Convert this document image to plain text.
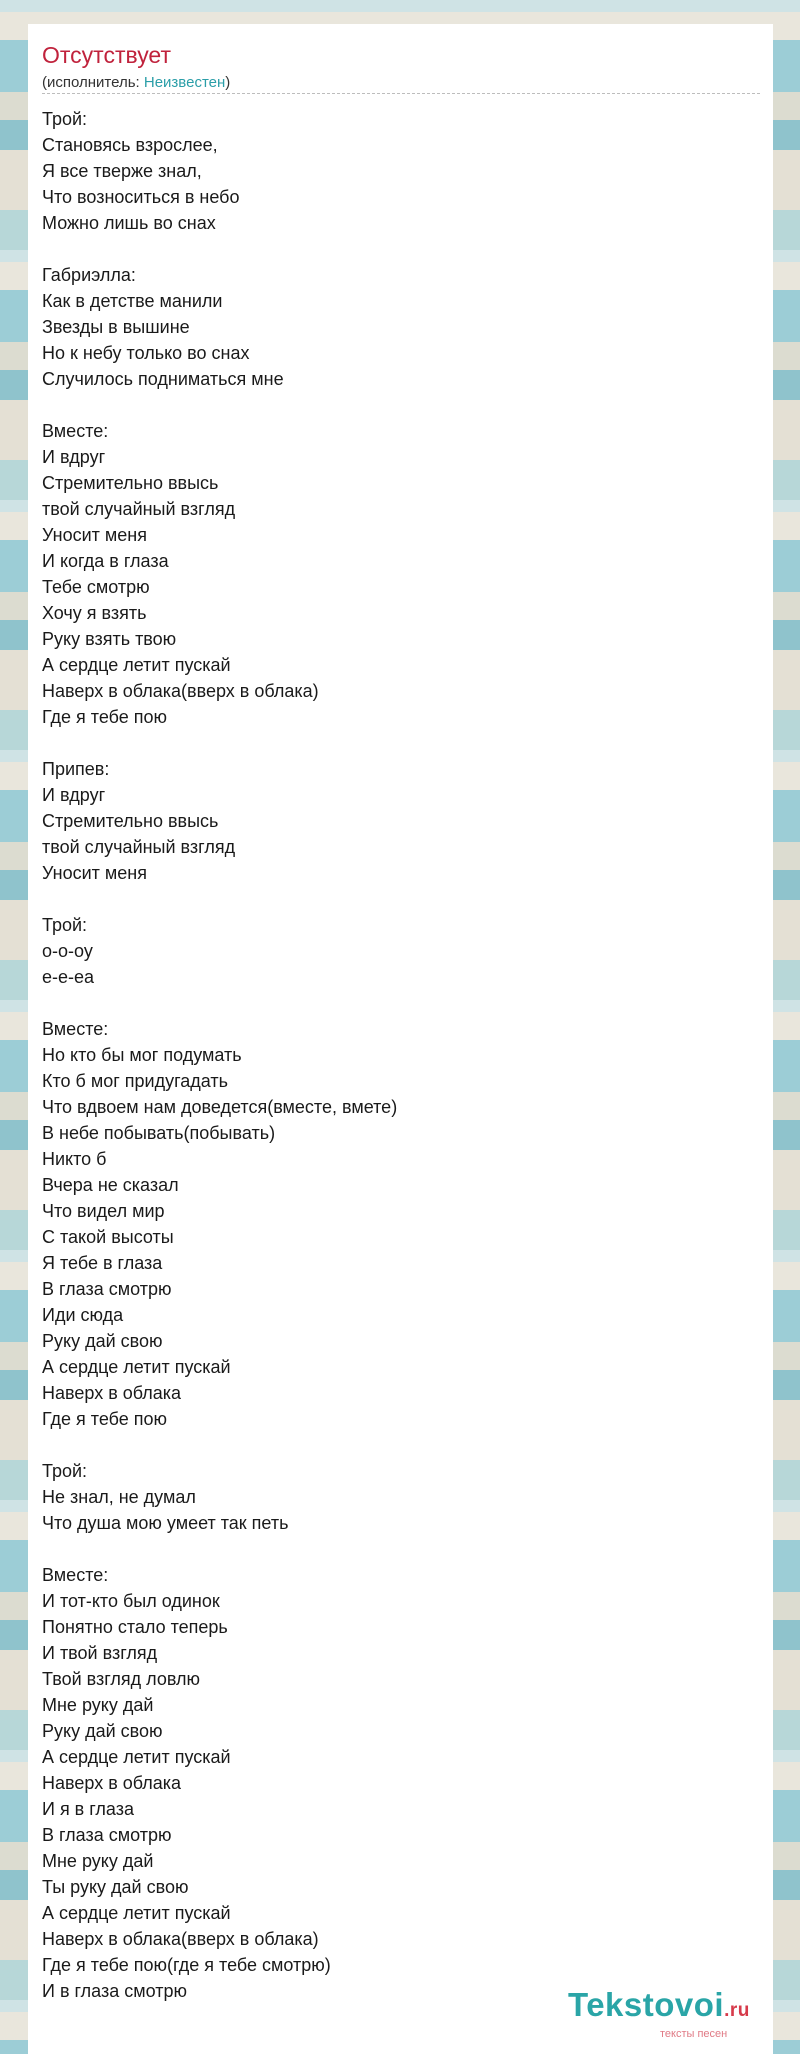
Отсутствует
(исполнитель: Неизвестен)
Трой:
Становясь взрослее,
Я все тверже знал,
Что возноситься в небо
Можно лишь во снах
Габриэлла:
Как в детстве манили
Звезды в вышине
Но к небу только во снах
Случилось подниматься мне
Вместе:
И вдруг
Стремительно ввысь
твой случайный взгляд
Уносит меня
И когда в глаза
Тебе смотрю
Хочу я взять
Руку взять твою
А сердце летит пускай
Наверх в облака(вверх в облака)
Где я тебе пою
Припев:
И вдруг
Стремительно ввысь
твой случайный взгляд
Уносит меня
Трой:
о-о-оу
е-е-еа
Вместе:
Но кто бы мог подумать
Кто б мог придугадать
Что вдвоем нам доведется(вместе, вмете)
В небе побывать(побывать)
Никто б
Вчера не сказал
Что видел мир
С такой высоты
Я тебе в глаза
В глаза смотрю
Иди сюда
Руку дай свою
А сердце летит пускай
Наверх в облака
Где я тебе пою
Трой:
Не знал, не думал
Что душа мою умеет так петь
Вместе:
И тот-кто был одинок
Понятно стало теперь
И твой взгляд
Твой взгляд ловлю
Мне руку дай
Руку дай свою
А сердце летит пускай
Наверх в облака
И я в глаза
В глаза смотрю
Мне руку дай
Ты руку дай свою
А сердце летит пускай
Наверх в облака(вверх в облака)
Где я тебе пою(где я тебе смотрю)
И в глаза смотрю	Tekstovoi.ru
тексты песен
